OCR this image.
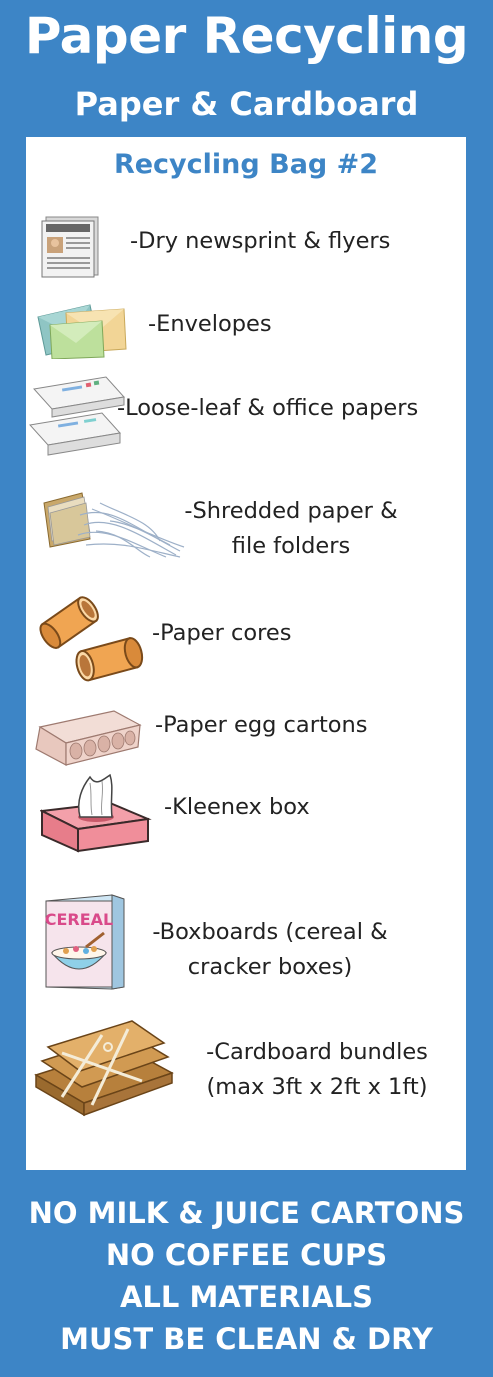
Paper Recycling
Paper & Cardboard
Recycling Bag #2
-Dry newsprint & flyers
-Envelopes
-Loose-leaf & office papers
-Shredded paper &
file folders
-Paper cores
-Paper egg cartons
-Kleenex box
CEREAL	-Boxboards (cereal &
cracker boxes)
-Cardboard bundles
(max 3ft x 2ft x 1ft)
NO MILK & JUICE CARTONS
NO COFFEE CUPS
ALL MATERIALS
MUST BE CLEAN & DRY
